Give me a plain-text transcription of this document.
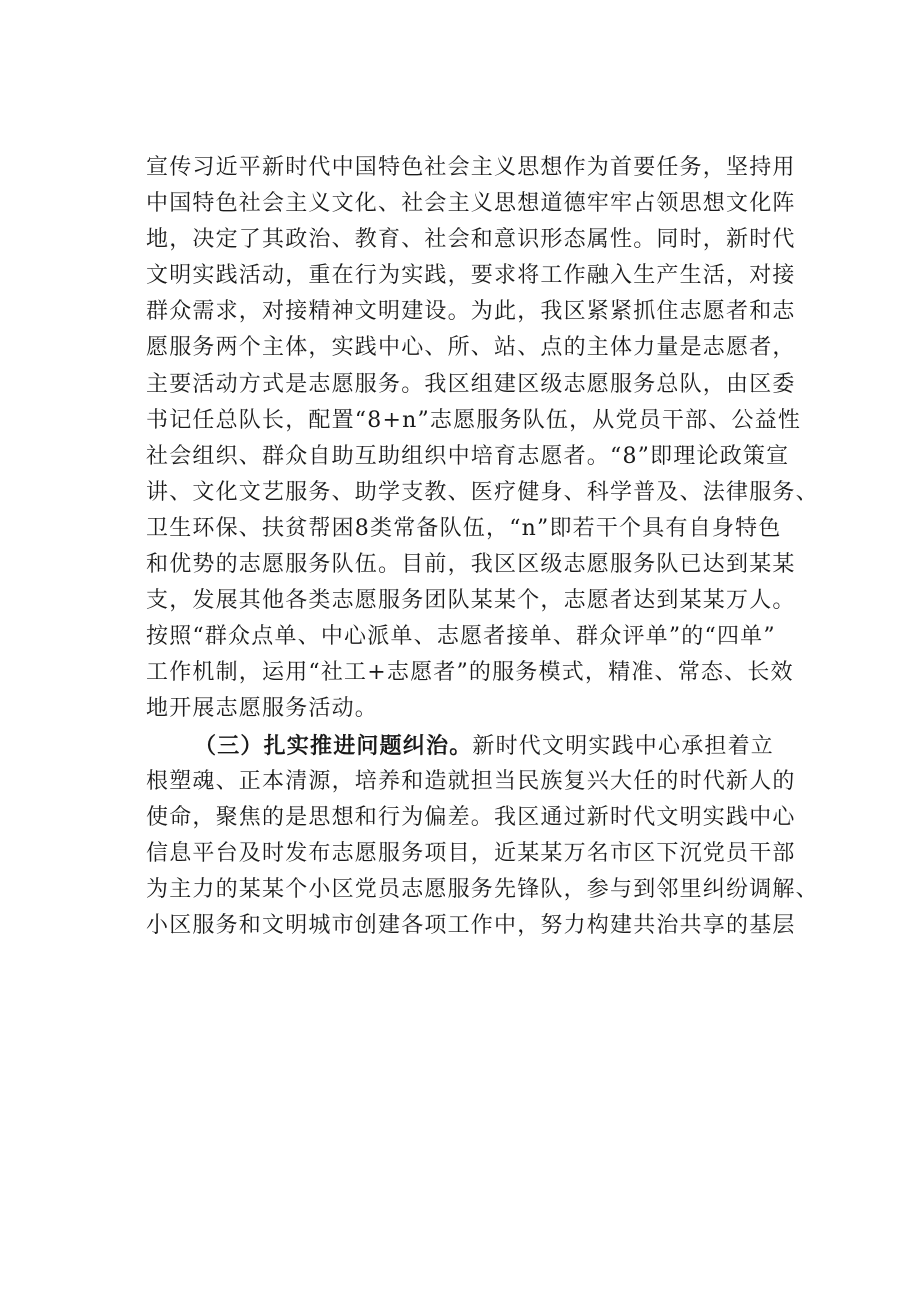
宣传习近平新时代中国特色社会主义思想作为首要任务，坚持用
中国特色社会主义文化、社会主义思想道德牢牢占领思想文化阵
地，决定了其政治、教育、社会和意识形态属性。同时，新时代
文明实践活动，重在行为实践，要求将工作融入生产生活，对接
群众需求，对接精神文明建设。为此，我区紧紧抓住志愿者和志
愿服务两个主体，实践中心、所、站、点的主体力量是志愿者，
主要活动方式是志愿服务。我区组建区级志愿服务总队，由区委
书记任总队长，配置“8+n”志愿服务队伍，从党员干部、公益性
社会组织、群众自助互助组织中培育志愿者。“8”即理论政策宣
讲、文化文艺服务、助学支教、医疗健身、科学普及、法律服务、
卫生环保、扶贫帮困8类常备队伍，“n”即若干个具有自身特色
和优势的志愿服务队伍。目前，我区区级志愿服务队已达到某某
支，发展其他各类志愿服务团队某某个，志愿者达到某某万人。
按照“群众点单、中心派单、志愿者接单、群众评单”的“四单”
工作机制，运用“社工+志愿者”的服务模式，精准、常态、长效
地开展志愿服务活动。
（三）扎实推进问题纠治。新时代文明实践中心承担着立
根塑魂、正本清源，培养和造就担当民族复兴大任的时代新人的
使命，聚焦的是思想和行为偏差。我区通过新时代文明实践中心
信息平台及时发布志愿服务项目，近某某万名市区下沉党员干部
为主力的某某个小区党员志愿服务先锋队，参与到邻里纠纷调解、
小区服务和文明城市创建各项工作中，努力构建共治共享的基层
